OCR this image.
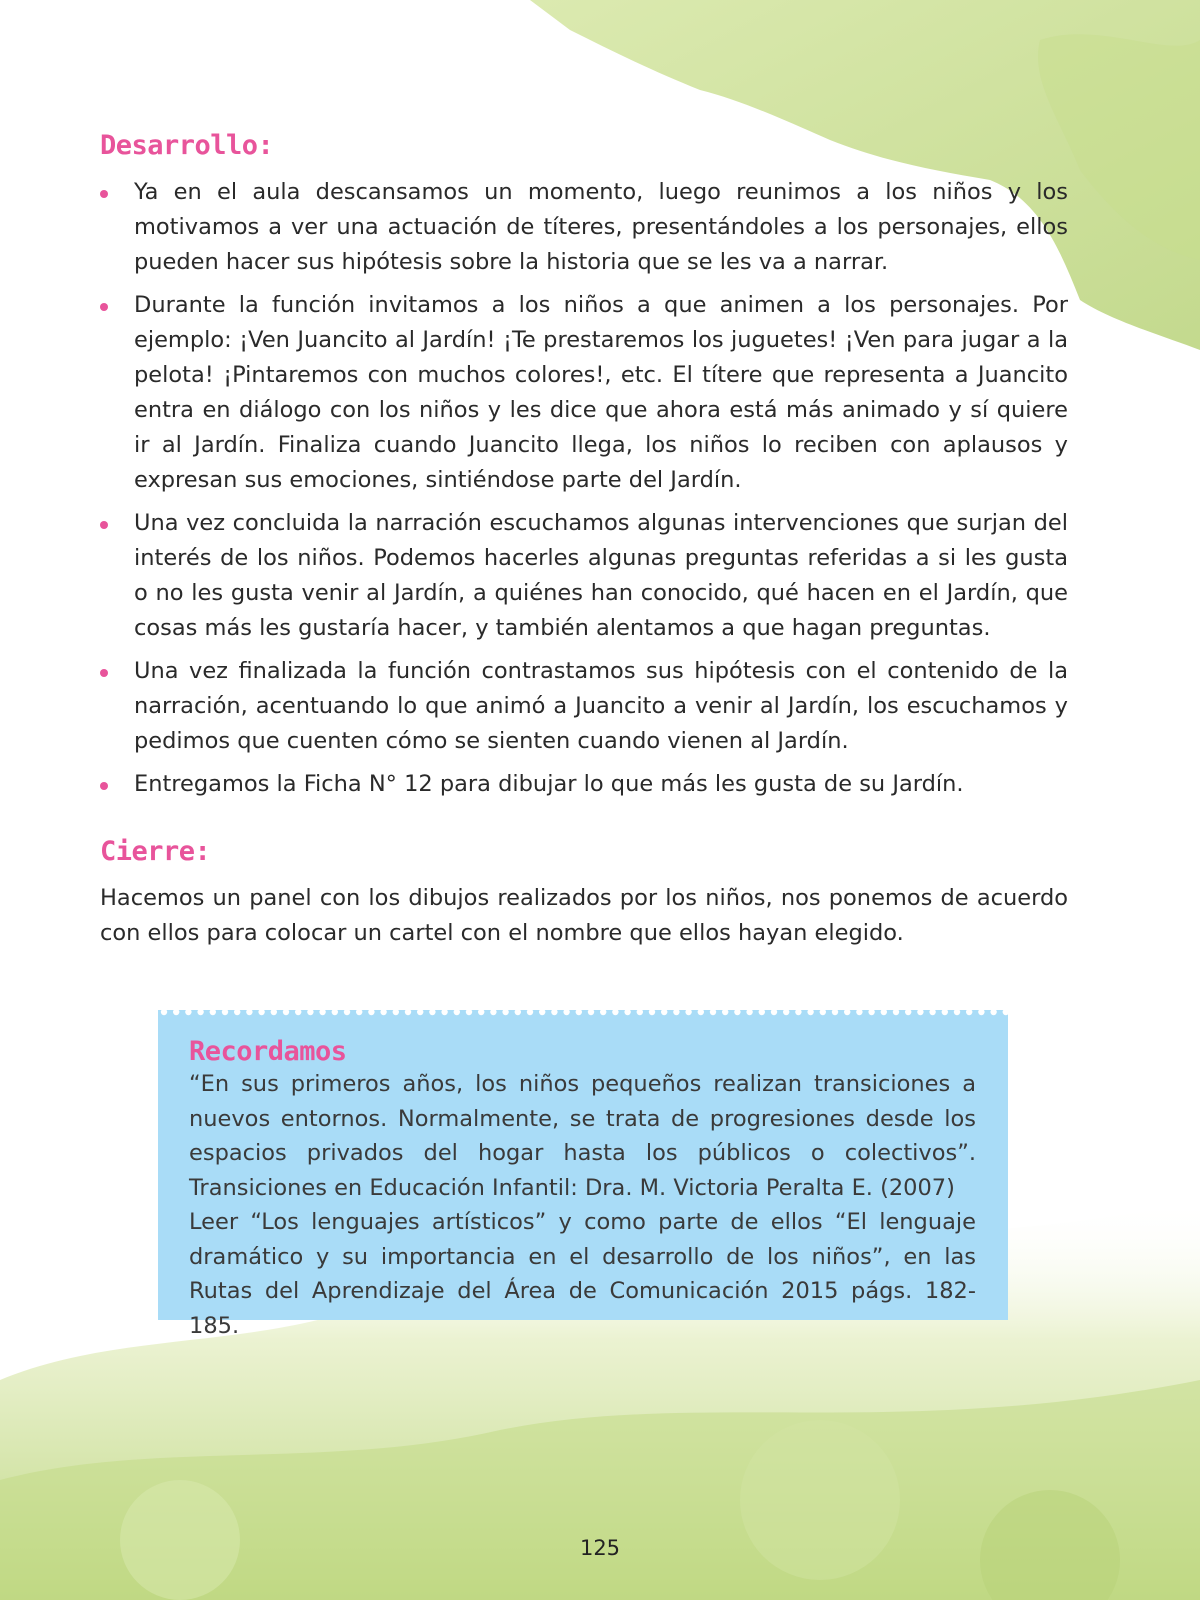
Desarrollo:
Ya en el aula descansamos un momento, luego reunimos a los niños y los motivamos a ver una actuación de títeres, presentándoles a los personajes, ellos pueden hacer sus hipótesis sobre la historia que se les va a narrar.
Durante la función invitamos a los niños a que animen a los personajes. Por ejemplo: ¡Ven Juancito al Jardín! ¡Te prestaremos los juguetes! ¡Ven para jugar a la pelota! ¡Pintaremos con muchos colores!, etc. El títere que representa a Juancito entra en diálogo con los niños y les dice que ahora está más animado y sí quiere ir al Jardín. Finaliza cuando Juancito llega, los niños lo reciben con aplausos y expresan sus emociones, sintiéndose parte del Jardín.
Una vez concluida la narración escuchamos algunas intervenciones que surjan del interés de los niños. Podemos hacerles algunas preguntas referidas a si les gusta o no les gusta venir al Jardín, a quiénes han conocido, qué hacen en el Jardín, que cosas más les gustaría hacer, y también alentamos a que hagan preguntas.
Una vez finalizada la función contrastamos sus hipótesis con el contenido de la narración, acentuando lo que animó a Juancito a venir al Jardín, los escuchamos y pedimos que cuenten cómo se sienten cuando vienen al Jardín.
Entregamos la Ficha N° 12 para dibujar lo que más les gusta de su Jardín.
Cierre:

Hacemos un panel con los dibujos realizados por los niños, nos ponemos de acuerdo con ellos para colocar un cartel con el nombre que ellos hayan elegido.

Recordamos

“En sus primeros años, los niños pequeños realizan transiciones a nuevos entornos. Normalmente, se trata de progresiones desde los espacios privados del hogar hasta los públicos o colectivos”. Transiciones en Educación Infantil: Dra. M. Victoria Peralta E. (2007)
Leer “Los lenguajes artísticos” y como parte de ellos “El lenguaje dramático y su importancia en el desarrollo de los niños”, en las Rutas del Aprendizaje del Área de Comunicación 2015 págs. 182-185.

125
